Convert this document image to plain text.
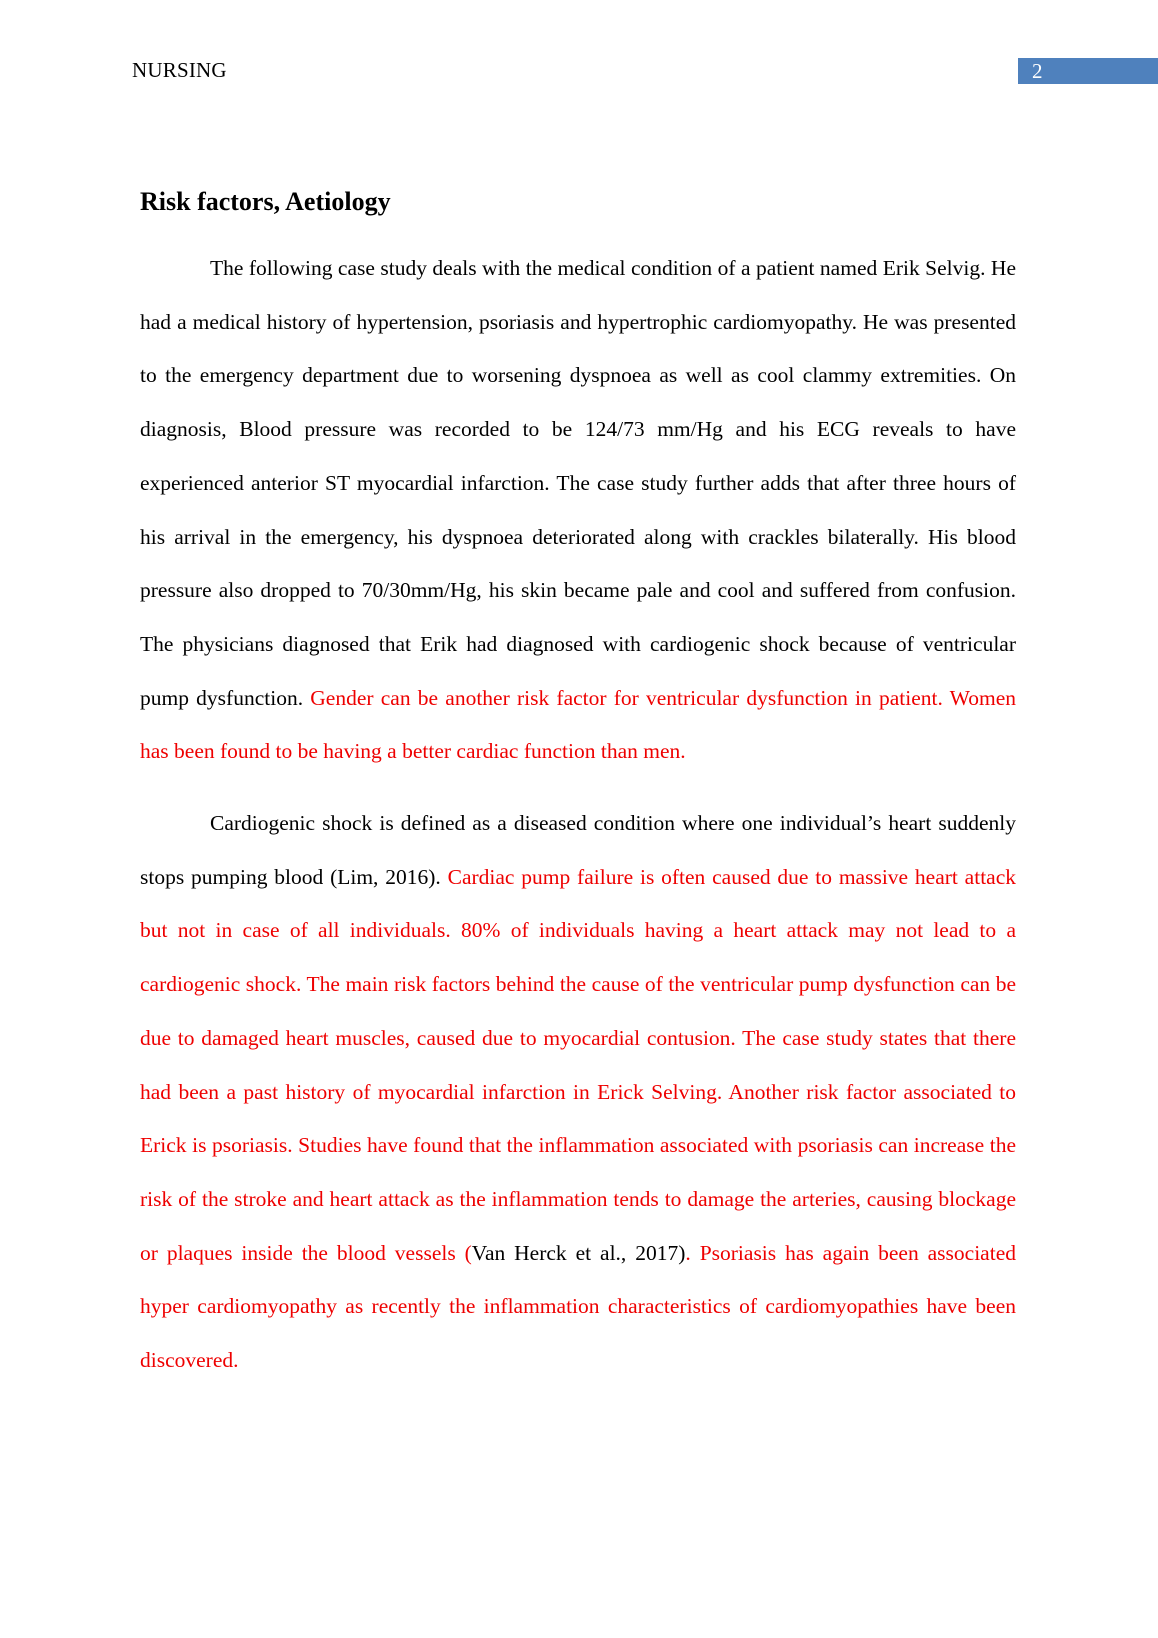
NURSING	2
Risk factors, Aetiology

The following case study deals with the medical condition of a patient named Erik Selvig. He had a medical history of hypertension, psoriasis and hypertrophic cardiomyopathy. He was presented to the emergency department due to worsening dyspnoea as well as cool clammy extremities. On diagnosis, Blood pressure was recorded to be 124/73 mm/Hg and his ECG reveals to have experienced anterior ST myocardial infarction. The case study further adds that after three hours of his arrival in the emergency, his dyspnoea deteriorated along with crackles bilaterally. His blood pressure also dropped to 70/30mm/Hg, his skin became pale and cool and suffered from confusion. The physicians diagnosed that Erik had diagnosed with cardiogenic shock because of ventricular pump dysfunction. Gender can be another risk factor for ventricular dysfunction in patient. Women has been found to be having a better cardiac function than men.

Cardiogenic shock is defined as a diseased condition where one individual’s heart suddenly stops pumping blood (Lim, 2016). Cardiac pump failure is often caused due to massive heart attack but not in case of all individuals. 80% of individuals having a heart attack may not lead to a cardiogenic shock. The main risk factors behind the cause of the ventricular pump dysfunction can be due to damaged heart muscles, caused due to myocardial contusion. The case study states that there had been a past history of myocardial infarction in Erick Selving. Another risk factor associated to Erick is psoriasis. Studies have found that the inflammation associated with psoriasis can increase the risk of the stroke and heart attack as the inflammation tends to damage the arteries, causing blockage or plaques inside the blood vessels (Van Herck et al., 2017). Psoriasis has again been associated hyper cardiomyopathy as recently the inflammation characteristics of cardiomyopathies have been discovered.
